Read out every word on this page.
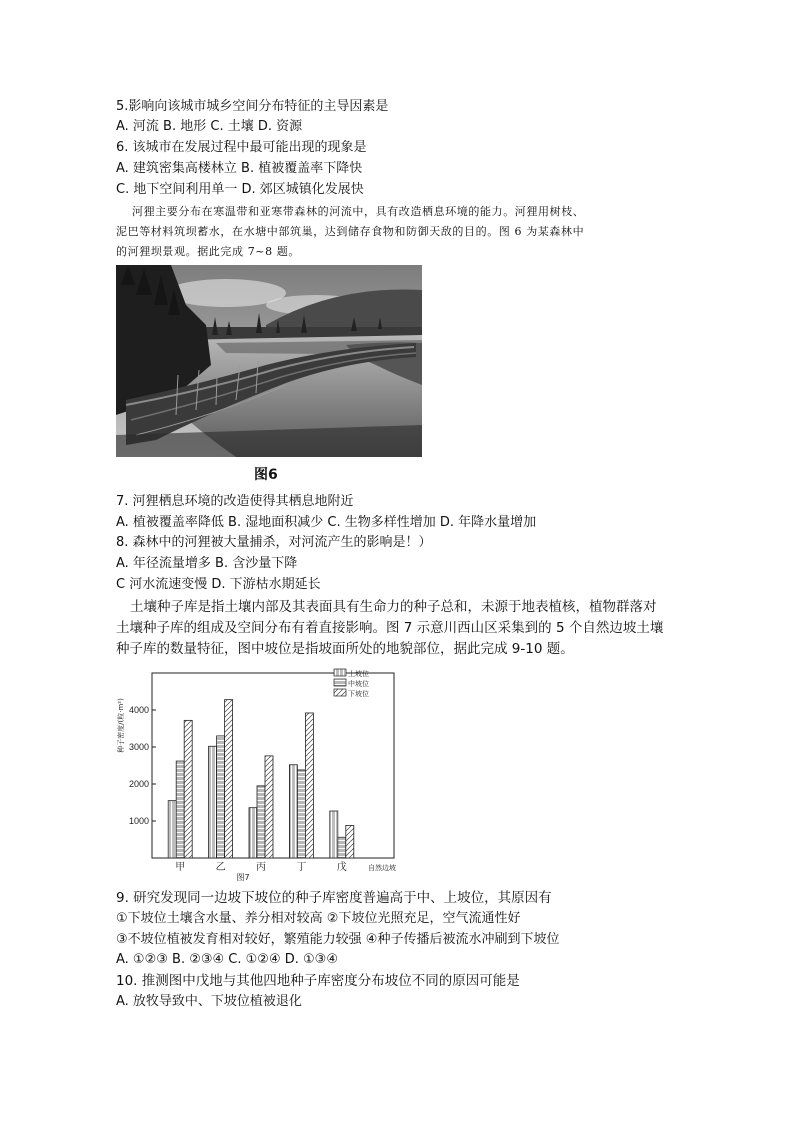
5.影响向该城市城乡空间分布特征的主导因素是
A. 河流 B. 地形 C. 土壤 D. 资源
6. 该城市在发展过程中最可能出现的现象是
A. 建筑密集高楼林立 B. 植被覆盖率下降快
C. 地下空间利用单一 D. 郊区城镇化发展快
河狸主要分布在寒温带和亚寒带森林的河流中，具有改造栖息环境的能力。河狸用树枝、
泥巴等材料筑坝蓄水，在水塘中部筑巢，达到储存食物和防御天敌的目的。图 6 为某森林中
的河狸坝景观。据此完成 7~8 题。
图6
7. 河狸栖息环境的改造使得其栖息地附近
A. 植被覆盖率降低 B. 湿地面积减少 C. 生物多样性增加 D. 年降水量增加
8. 森林中的河狸被大量捕杀，对河流产生的影响是！）
A. 年径流量增多 B. 含沙量下降
C 河水流速变慢 D. 下游枯水期延长
土壤种子库是指土壤内部及其表面具有生命力的种子总和，未源于地表植核，植物群落对
土壤种子库的组成及空间分布有着直接影响。图 7 示意川西山区采集到的 5 个自然边坡土壤
种子库的数量特征，图中坡位是指坡面所处的地貌部位，据此完成 9-10 题。
1000
2000
3000
4000
种子密度/(粒·m²)
甲	乙	丙	丁	戊	自然边坡
图7
上坡位
中坡位
下坡位
9. 研究发现同一边坡下坡位的种子库密度普遍高于中、上坡位，其原因有
①下坡位土壤含水量、养分相对较高 ②下坡位光照充足，空气流通性好
③不坡位植被发育相对较好，繁殖能力较强 ④种子传播后被流水冲刷到下坡位
A. ①②③ B. ②③④ C. ①②④ D. ①③④
10. 推测图中戊地与其他四地种子库密度分布坡位不同的原因可能是
A. 放牧导致中、下坡位植被退化
